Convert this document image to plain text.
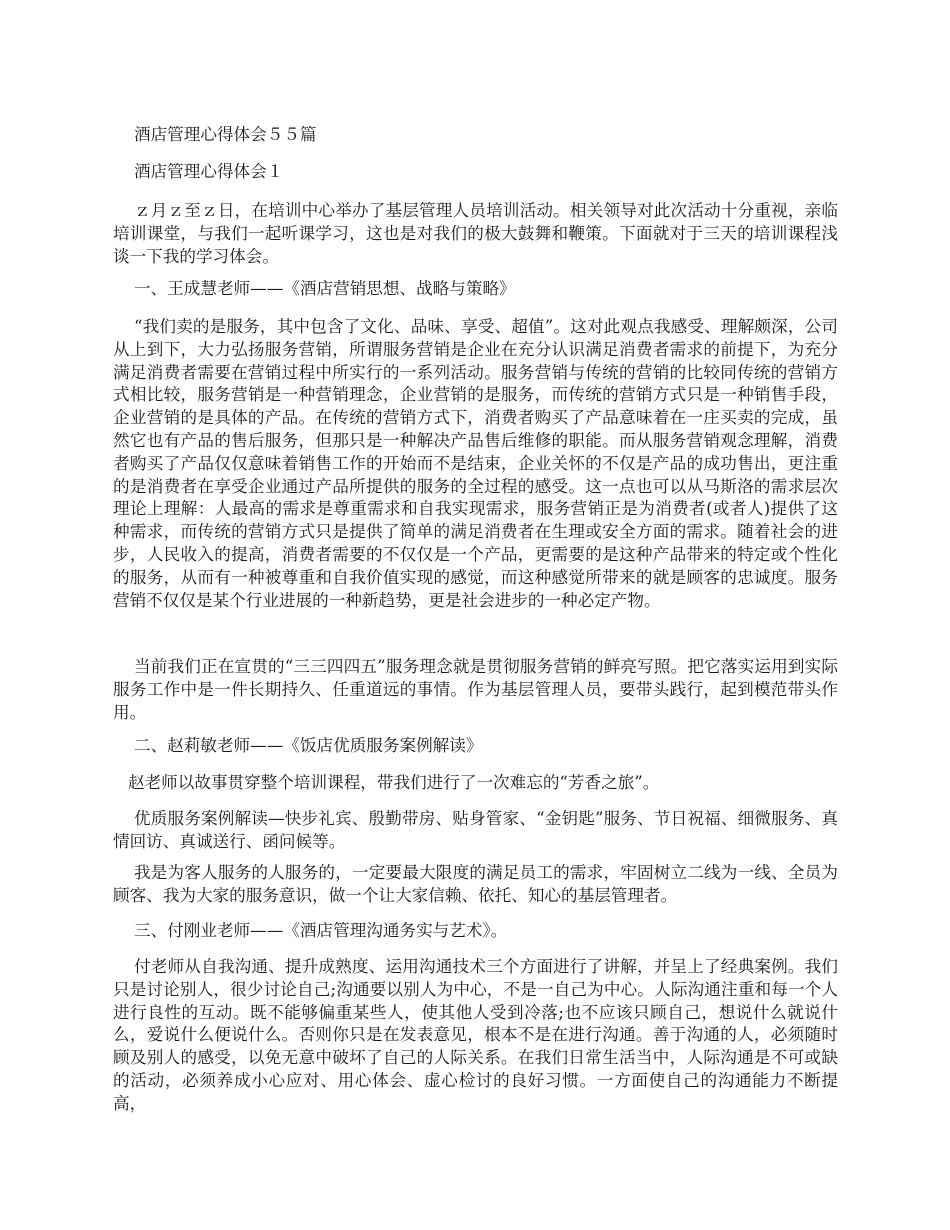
酒店管理心得体会５５篇
酒店管理心得体会１

ｚ月ｚ至ｚ日，在培训中心举办了基层管理人员培训活动。相关领导对此次活动十分重视，亲临培训课堂，与我们一起听课学习，这也是对我们的极大鼓舞和鞭策。下面就对于三天的培训课程浅谈一下我的学习体会。

一、王成慧老师——《酒店营销思想、战略与策略》

“我们卖的是服务，其中包含了文化、品味、享受、超值”。这对此观点我感受、理解颇深，公司从上到下，大力弘扬服务营销，所谓服务营销是企业在充分认识满足消费者需求的前提下，为充分满足消费者需要在营销过程中所实行的一系列活动。服务营销与传统的营销的比较同传统的营销方式相比较，服务营销是一种营销理念，企业营销的是服务，而传统的营销方式只是一种销售手段，企业营销的是具体的产品。在传统的营销方式下，消费者购买了产品意味着在一庄买卖的完成，虽然它也有产品的售后服务，但那只是一种解决产品售后维修的职能。而从服务营销观念理解，消费者购买了产品仅仅意味着销售工作的开始而不是结束，企业关怀的不仅是产品的成功售出，更注重的是消费者在享受企业通过产品所提供的服务的全过程的感受。这一点也可以从马斯洛的需求层次理论上理解：人最高的需求是尊重需求和自我实现需求，服务营销正是为消费者(或者人)提供了这种需求，而传统的营销方式只是提供了简单的满足消费者在生理或安全方面的需求。随着社会的进步，人民收入的提高，消费者需要的不仅仅是一个产品，更需要的是这种产品带来的特定或个性化的服务，从而有一种被尊重和自我价值实现的感觉，而这种感觉所带来的就是顾客的忠诚度。服务营销不仅仅是某个行业进展的一种新趋势，更是社会进步的一种必定产物。

当前我们正在宣贯的“三三四四五”服务理念就是贯彻服务营销的鲜亮写照。把它落实运用到实际服务工作中是一件长期持久、任重道远的事情。作为基层管理人员，要带头践行，起到模范带头作用。

二、赵莉敏老师——《饭店优质服务案例解读》
赵老师以故事贯穿整个培训课程，带我们进行了一次难忘的“芳香之旅”。

优质服务案例解读—快步礼宾、殷勤带房、贴身管家、“金钥匙”服务、节日祝福、细微服务、真情回访、真诚送行、函问候等。

我是为客人服务的人服务的，一定要最大限度的满足员工的需求，牢固树立二线为一线、全员为顾客、我为大家的服务意识，做一个让大家信赖、依托、知心的基层管理者。

三、付刚业老师——《酒店管理沟通务实与艺术》。

付老师从自我沟通、提升成熟度、运用沟通技术三个方面进行了讲解，并呈上了经典案例。我们只是讨论别人，很少讨论自己;沟通要以别人为中心，不是一自己为中心。人际沟通注重和每一个人进行良性的互动。既不能够偏重某些人，使其他人受到冷落;也不应该只顾自己，想说什么就说什么，爱说什么便说什么。否则你只是在发表意见，根本不是在进行沟通。善于沟通的人，必须随时顾及别人的感受，以免无意中破坏了自己的人际关系。在我们日常生活当中，人际沟通是不可或缺的活动，必须养成小心应对、用心体会、虚心检讨的良好习惯。一方面使自己的沟通能力不断提高，
